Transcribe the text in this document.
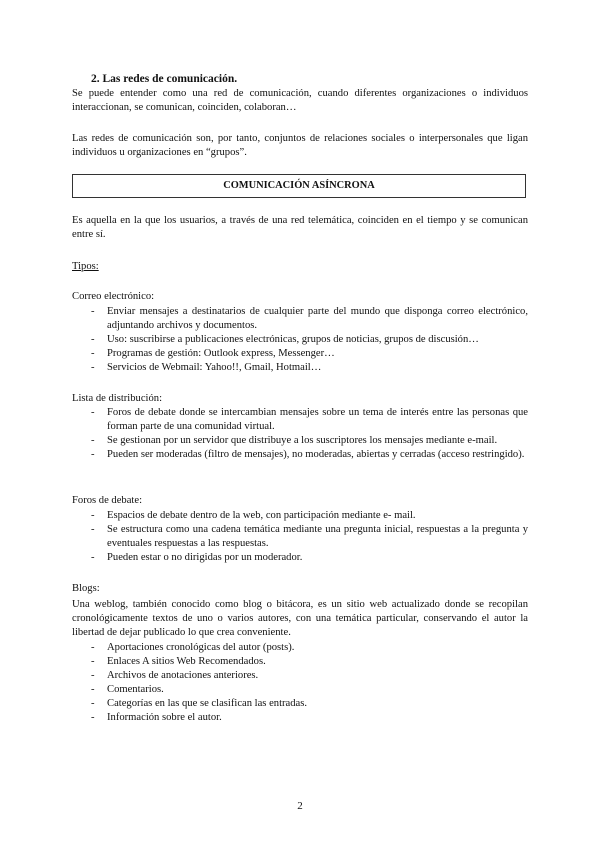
2. Las redes de comunicación.
Se puede entender como una red de comunicación, cuando diferentes organizaciones o individuos interaccionan, se comunican, coinciden, colaboran…
Las redes de comunicación son, por tanto, conjuntos de relaciones sociales o interpersonales que ligan individuos u organizaciones en “grupos”.
COMUNICACIÓN ASÍNCRONA
Es aquella en la que los usuarios, a través de una red telemática, coinciden en el tiempo y se comunican entre sí.
Tipos:
Correo electrónico:
- Enviar mensajes a destinatarios de cualquier parte del mundo que disponga correo electrónico, adjuntando archivos y documentos.
- Uso: suscribirse a publicaciones electrónicas, grupos de noticias, grupos de discusión…
- Programas de gestión: Outlook express, Messenger…
- Servicios de Webmail: Yahoo!!, Gmail, Hotmail…
Lista de distribución:
- Foros de debate donde se intercambian mensajes sobre un tema de interés entre las personas que forman parte de una comunidad virtual.
- Se gestionan por un servidor que distribuye a los suscriptores los mensajes mediante e-mail.
- Pueden ser moderadas (filtro de mensajes), no moderadas, abiertas y cerradas (acceso restringido).
Foros de debate:
- Espacios de debate dentro de la web, con participación mediante e- mail.
- Se estructura como una cadena temática mediante una pregunta inicial, respuestas a la pregunta y eventuales respuestas a las respuestas.
- Pueden estar o no dirigidas por un moderador.
Blogs:
Una weblog, también conocido como blog o bitácora, es un sitio web actualizado donde se recopilan cronológicamente textos de uno o varios autores, con una temática particular, conservando el autor la libertad de dejar publicado lo que crea conveniente.
- Aportaciones cronológicas del autor (posts).
- Enlaces A sitios Web Recomendados.
- Archivos de anotaciones anteriores.
- Comentarios.
- Categorías en las que se clasifican las entradas.
- Información sobre el autor.
2
